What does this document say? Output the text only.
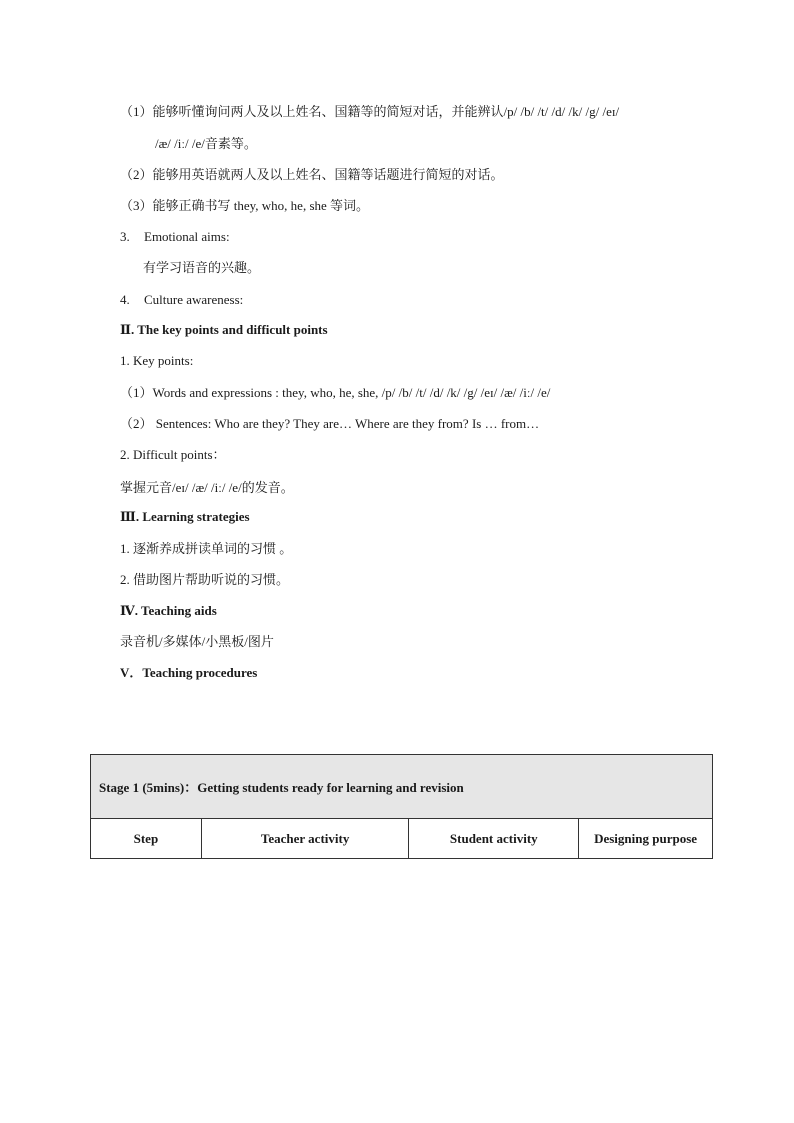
（1）能够听懂询问两人及以上姓名、国籍等的简短对话，并能辨认/p/ /b/ /t/ /d/ /k/ /g/ /eɪ/
/æ/ /iː/ /e/音素等。
（2）能够用英语就两人及以上姓名、国籍等话题进行简短的对话。
（3）能够正确书写 they, who, he, she 等词。
3. Emotional aims:
有学习语音的兴趣。
4. Culture awareness:
Ⅱ. The key points and difficult points
1. Key points:
（1）Words and expressions : they, who, he, she, /p/ /b/ /t/ /d/ /k/ /g/ /eɪ/ /æ/ /iː/ /e/
（2） Sentences: Who are they? They are… Where are they from? Is … from…
2. Difficult points：
掌握元音/eɪ/ /æ/ /iː/ /e/的发音。
Ⅲ. Learning strategies
1. 逐渐养成拼读单词的习惯 。
2. 借助图片帮助听说的习惯。
Ⅳ. Teaching aids
录音机/多媒体/小黑板/图片
V．Teaching procedures
Stage 1 (5mins)：Getting students ready for learning and revision
Step	Teacher activity	Student activity	Designing purpose
